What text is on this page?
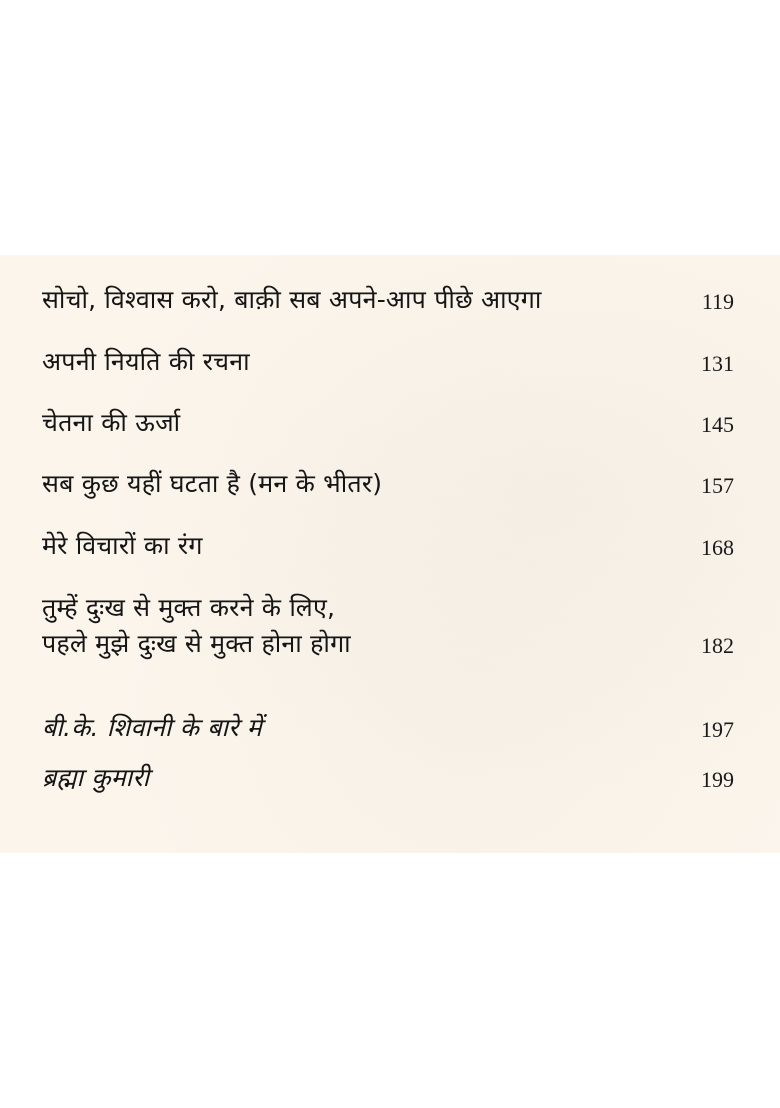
सोचो, विश्वास करो, बाक़ी सब अपने-आप पीछे आएगा	119
अपनी नियति की रचना	131
चेतना की ऊर्जा	145
सब कुछ यहीं घटता है (मन के भीतर)	157
मेरे विचारों का रंग	168
तुम्हें दुःख से मुक्त करने के लिए,
पहले मुझे दुःख से मुक्त होना होगा	182
बी.के. शिवानी के बारे में	197
ब्रह्मा कुमारी	199
